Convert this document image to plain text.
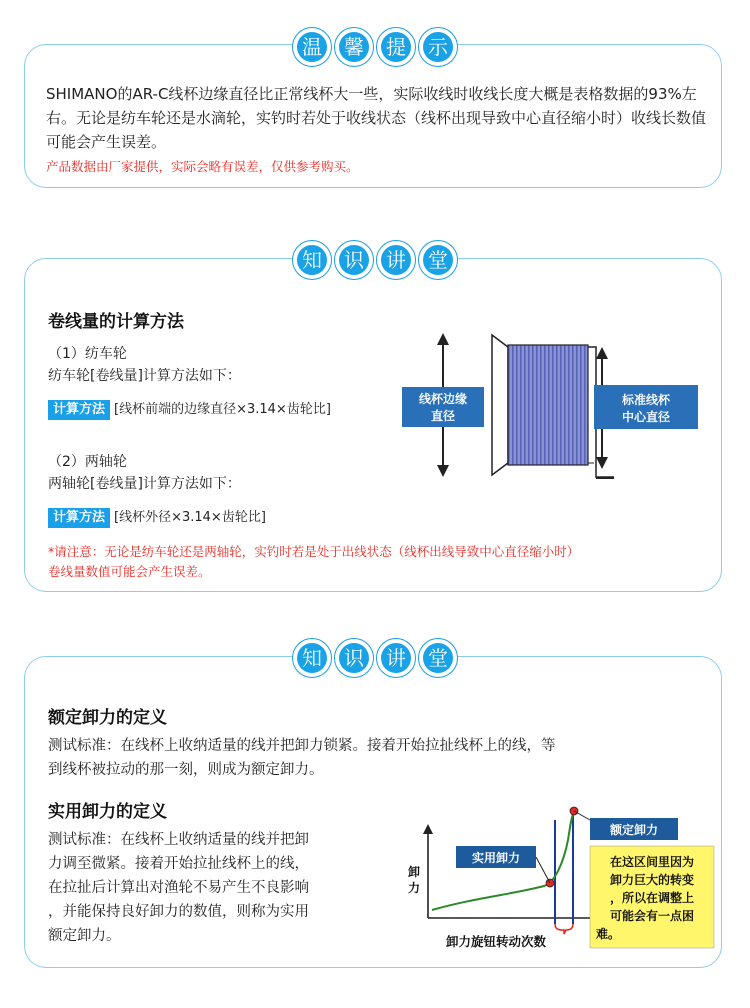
温 馨 提 示
SHIMANO的AR-C线杯边缘直径比正常线杯大一些，实际收线时收线长度大概是表格数据的93%左右。无论是纺车轮还是水滴轮，实钓时若处于收线状态（线杯出现导致中心直径缩小时）收线长数值可能会产生误差。
产品数据由厂家提供，实际会略有误差，仅供参考购买。
知 识 讲 堂
卷线量的计算方法
（1）纺车轮
纺车轮[卷线量]计算方法如下：
计算方法 [线杯前端的边缘直径×3.14×齿轮比]
（2）两轴轮
两轴轮[卷线量]计算方法如下：
计算方法 [线杯外径×3.14×齿轮比]
*请注意：无论是纺车轮还是两轴轮，实钓时若是处于出线状态（线杯出线导致中心直径缩小时）
卷线量数值可能会产生误差。
线杯边缘
直径
标准线杯
中心直径
知 识 讲 堂
额定卸力的定义
测试标准：在线杯上收纳适量的线并把卸力锁紧。接着开始拉扯线杯上的线，等
到线杯被拉动的那一刻，则成为额定卸力。
实用卸力的定义
测试标准：在线杯上收纳适量的线并把卸
力调至微紧。接着开始拉扯线杯上的线，
在拉扯后计算出对渔轮不易产生不良影响
，并能保持良好卸力的数值，则称为实用
额定卸力。
额定卸力
实用卸力
卸
力
卸力旋钮转动次数
在这区间里因为
卸力巨大的转变
，所以在调整上
可能会有一点困
难。
